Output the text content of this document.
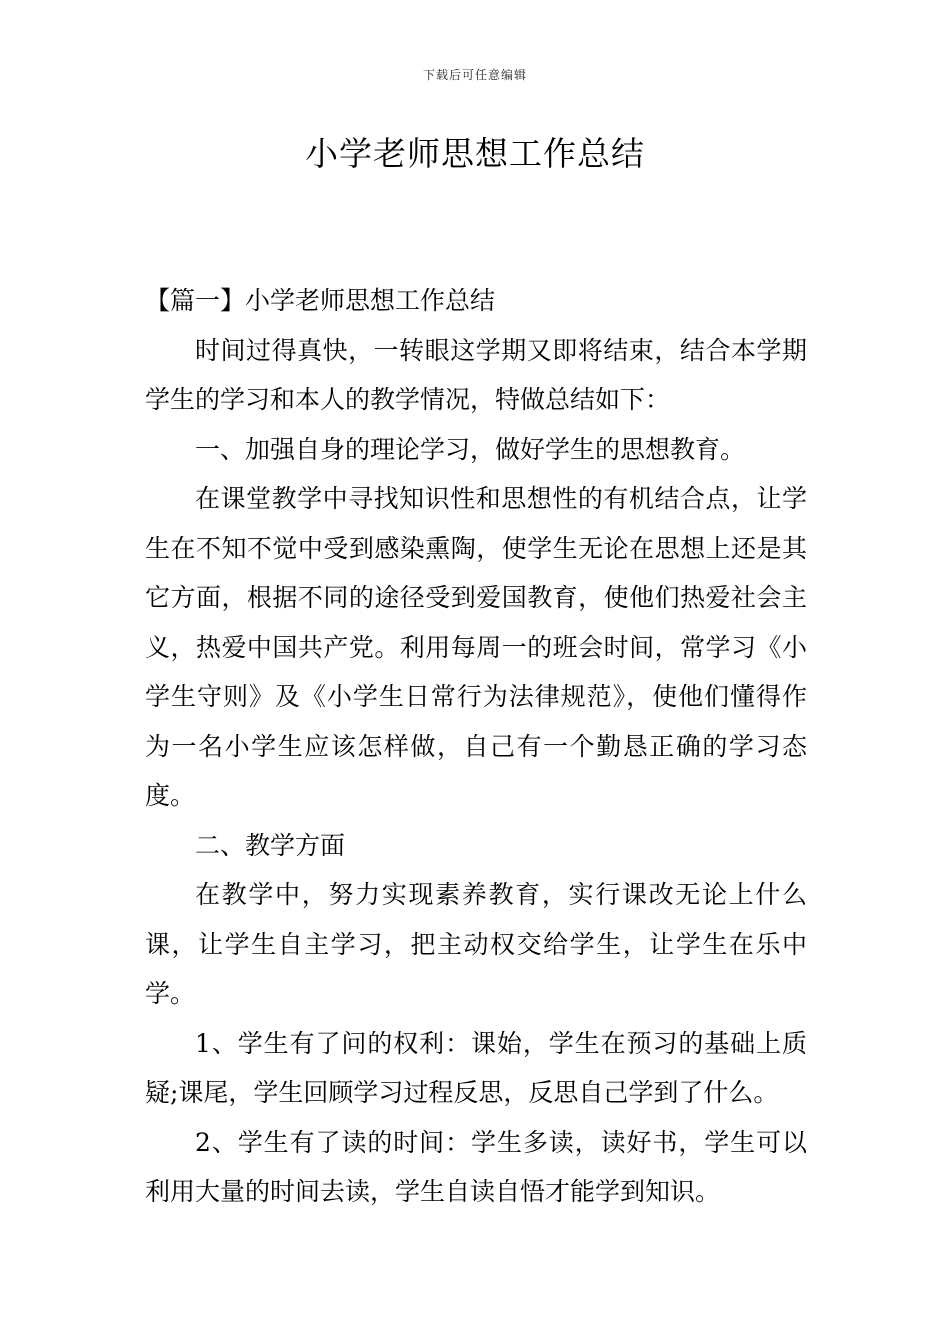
下载后可任意编辑
小学老师思想工作总结

【篇一】小学老师思想工作总结

时间过得真快，一转眼这学期又即将结束，结合本学期学生的学习和本人的教学情况，特做总结如下：

一、加强自身的理论学习，做好学生的思想教育。

在课堂教学中寻找知识性和思想性的有机结合点，让学生在不知不觉中受到感染熏陶，使学生无论在思想上还是其它方面，根据不同的途径受到爱国教育，使他们热爱社会主义，热爱中国共产党。利用每周一的班会时间，常学习《小学生守则》及《小学生日常行为法律规范》，使他们懂得作为一名小学生应该怎样做，自己有一个勤恳正确的学习态度。

二、教学方面

在教学中，努力实现素养教育，实行课改无论上什么课，让学生自主学习，把主动权交给学生，让学生在乐中学。

1、学生有了问的权利：课始，学生在预习的基础上质疑;课尾，学生回顾学习过程反思，反思自己学到了什么。

2、学生有了读的时间：学生多读，读好书，学生可以利用大量的时间去读，学生自读自悟才能学到知识。
